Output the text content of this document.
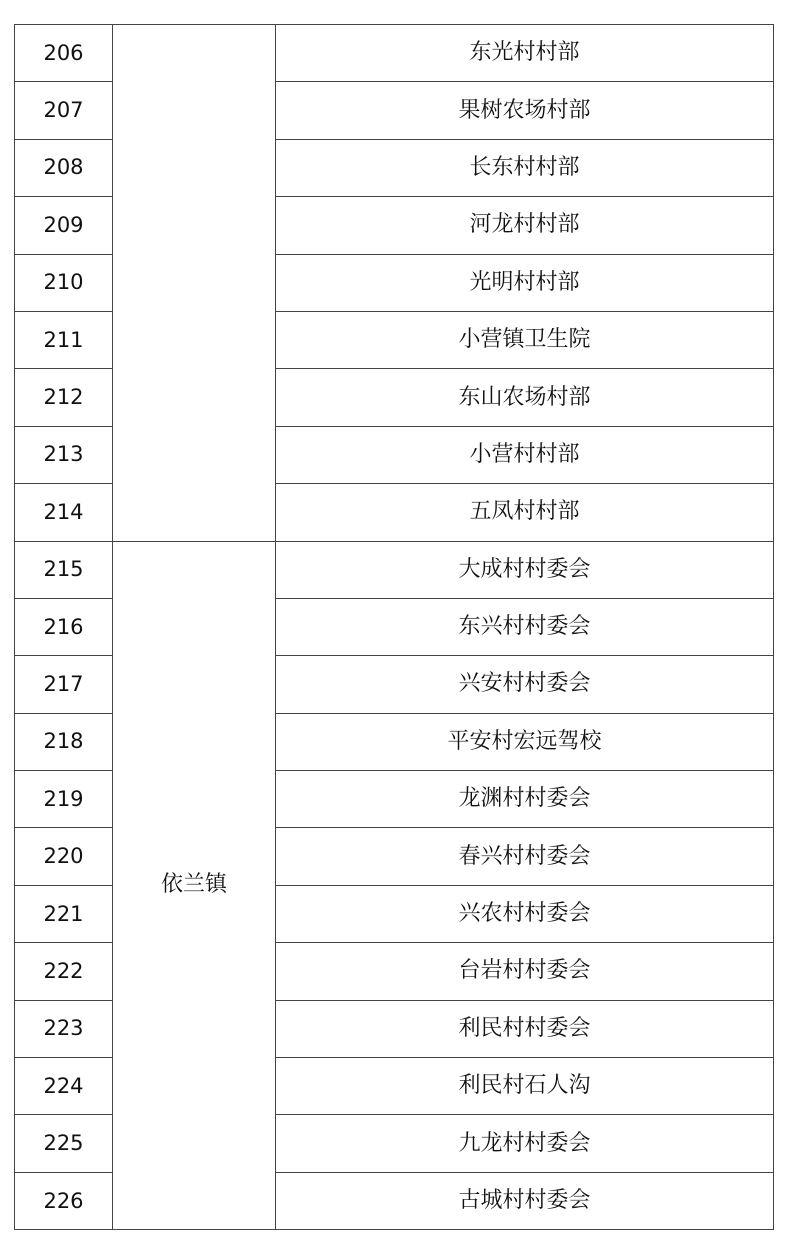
206		东光村村部
207		果树农场村部
208		长东村村部
209		河龙村村部
210		光明村村部
211		小营镇卫生院
212		东山农场村部
213		小营村村部
214		五凤村村部
215	依兰镇	大成村村委会
216		东兴村村委会
217		兴安村村委会
218		平安村宏远驾校
219		龙渊村村委会
220		春兴村村委会
221		兴农村村委会
222		台岩村村委会
223		利民村村委会
224		利民村石人沟
225		九龙村村委会
226		古城村村委会
